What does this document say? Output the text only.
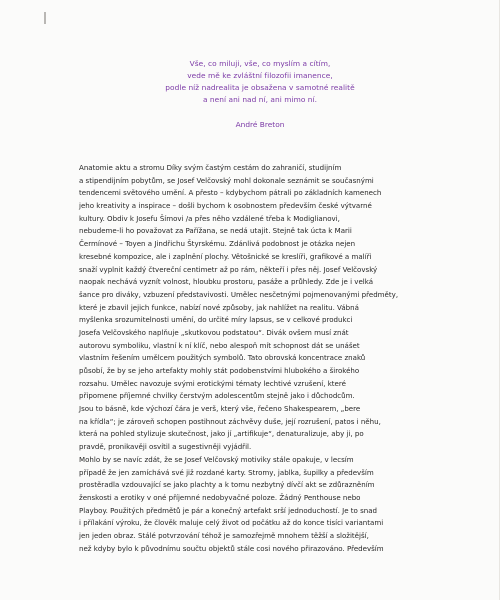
Vše, co miluji, vše, co myslím a cítím,
vede mě ke zvláštní filozofii imanence,
podle níž nadrealita je obsažena v samotné realitě
a není ani nad ní, ani mimo ní.
André Breton
Anatomie aktu a stromu Díky svým častým cestám do zahraničí, studijním
a stipendijním pobytům, se Josef Velčovský mohl dokonale seznámit se současnými
tendencemi světového umění. A přesto – kdybychom pátrali po základních kamenech
jeho kreativity a inspirace – došli bychom k osobnostem především české výtvarné
kultury. Obdiv k Josefu Šímovi /a přes něho vzdálené třeba k Modiglianovi,
nebudeme-li ho považovat za Pařížana, se nedá utajit. Stejně tak úcta k Marii
Čermínové – Toyen a Jindřichu Štyrskému. Zdánlivá podobnost je otázka nejen
kresebné kompozice, ale i zaplnění plochy. Větošnické se kreslíři, grafikové a malíři
snaží vyplnit každý čtvereční centimetr až po rám, někteří i přes něj. Josef Velčovský
naopak nechává vyznít volnost, hloubku prostoru, pasáže a průhledy. Zde je i velká
šance pro diváky, vzbuzení představivosti. Umělec nesčetnými pojmenovanými předměty,
které je zbavil jejich funkce, nabízí nové způsoby, jak nahlížet na realitu. Vábná
myšlenka srozumitelnosti umění, do určité míry lapsus, se v celkové produkci
Josefa Velčovského naplňuje „skutkovou podstatou“. Divák ovšem musí znát
autorovu symboliku, vlastní k ní klíč, nebo alespoň mít schopnost dát se unášet
vlastním řešením umělcem použitých symbolů. Tato obrovská koncentrace znaků
působí, že by se jeho artefakty mohly stát podobenstvími hlubokého a širokého
rozsahu. Umělec navozuje svými erotickými tématy lechtivé vzrušení, které
připomene příjemné chvilky čerstvým adolescentům stejně jako i důchodcům.
Jsou to básně, kde výchozí čára je verš, který vše, řečeno Shakespearem, „bere
na křídla“; je zároveň schopen postihnout záchvěvy duše, její rozrušení, patos i něhu,
která na pohled stylizuje skutečnost, jako jí „artifikuje“, denaturalizuje, aby ji, po
pravdě, pronikavěji osvítil a sugestivněji vyjádřil.
Mohlo by se navíc zdát, že se Josef Velčovský motiviky stále opakuje, v lecsím
případě že jen zamíchává své již rozdané karty. Stromy, jablka, šupilky a především
prostěradla vzdouvající se jako plachty a k tomu nezbytný dívčí akt se zdůrazněním
ženskosti a erotiky v oné příjemné nedobyvačné poloze. Žádný Penthouse nebo
Playboy. Použitých předmětů je pár a konečný artefakt srší jednoduchostí. Je to snad
i přílakání výroku, že člověk maluje celý život od počátku až do konce tisíci variantami
jen jeden obraz. Stálé potvrzování téhož je samozřejmě mnohem těžší a složitější,
než kdyby bylo k původnímu součtu objektů stále cosi nového přirazováno. Především
